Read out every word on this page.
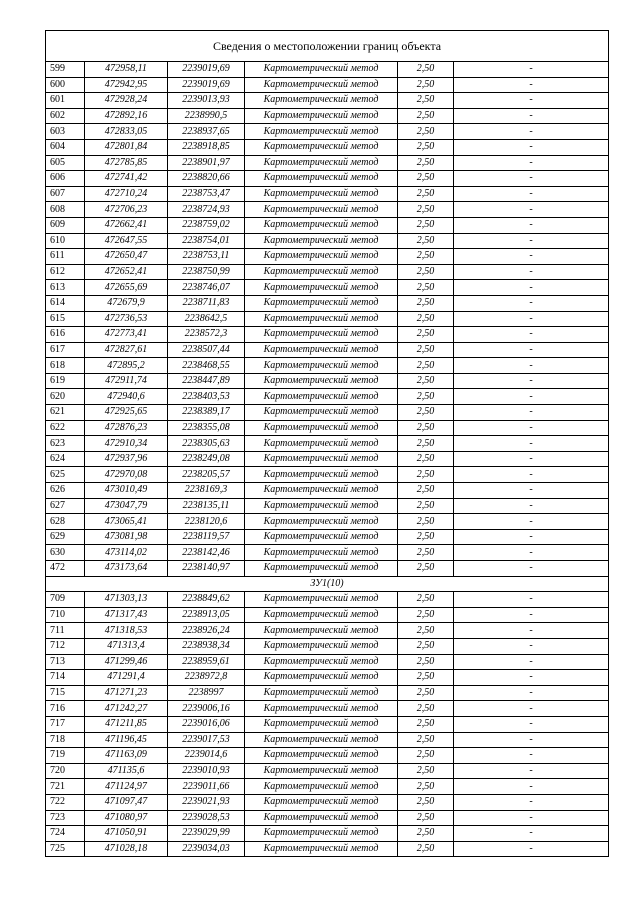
Сведения о местоположении границ объекта					
599	472958,11	2239019,69	Картометрический метод	2,50	-
600	472942,95	2239019,69	Картометрический метод	2,50	-
601	472928,24	2239013,93	Картометрический метод	2,50	-
602	472892,16	2238990,5	Картометрический метод	2,50	-
603	472833,05	2238937,65	Картометрический метод	2,50	-
604	472801,84	2238918,85	Картометрический метод	2,50	-
605	472785,85	2238901,97	Картометрический метод	2,50	-
606	472741,42	2238820,66	Картометрический метод	2,50	-
607	472710,24	2238753,47	Картометрический метод	2,50	-
608	472706,23	2238724,93	Картометрический метод	2,50	-
609	472662,41	2238759,02	Картометрический метод	2,50	-
610	472647,55	2238754,01	Картометрический метод	2,50	-
611	472650,47	2238753,11	Картометрический метод	2,50	-
612	472652,41	2238750,99	Картометрический метод	2,50	-
613	472655,69	2238746,07	Картометрический метод	2,50	-
614	472679,9	2238711,83	Картометрический метод	2,50	-
615	472736,53	2238642,5	Картометрический метод	2,50	-
616	472773,41	2238572,3	Картометрический метод	2,50	-
617	472827,61	2238507,44	Картометрический метод	2,50	-
618	472895,2	2238468,55	Картометрический метод	2,50	-
619	472911,74	2238447,89	Картометрический метод	2,50	-
620	472940,6	2238403,53	Картометрический метод	2,50	-
621	472925,65	2238389,17	Картометрический метод	2,50	-
622	472876,23	2238355,08	Картометрический метод	2,50	-
623	472910,34	2238305,63	Картометрический метод	2,50	-
624	472937,96	2238249,08	Картометрический метод	2,50	-
625	472970,08	2238205,57	Картометрический метод	2,50	-
626	473010,49	2238169,3	Картометрический метод	2,50	-
627	473047,79	2238135,11	Картометрический метод	2,50	-
628	473065,41	2238120,6	Картометрический метод	2,50	-
629	473081,98	2238119,57	Картометрический метод	2,50	-
630	473114,02	2238142,46	Картометрический метод	2,50	-
472	473173,64	2238140,97	Картометрический метод	2,50	-
ЗУ1(10)					
709	471303,13	2238849,62	Картометрический метод	2,50	-
710	471317,43	2238913,05	Картометрический метод	2,50	-
711	471318,53	2238926,24	Картометрический метод	2,50	-
712	471313,4	2238938,34	Картометрический метод	2,50	-
713	471299,46	2238959,61	Картометрический метод	2,50	-
714	471291,4	2238972,8	Картометрический метод	2,50	-
715	471271,23	2238997	Картометрический метод	2,50	-
716	471242,27	2239006,16	Картометрический метод	2,50	-
717	471211,85	2239016,06	Картометрический метод	2,50	-
718	471196,45	2239017,53	Картометрический метод	2,50	-
719	471163,09	2239014,6	Картометрический метод	2,50	-
720	471135,6	2239010,93	Картометрический метод	2,50	-
721	471124,97	2239011,66	Картометрический метод	2,50	-
722	471097,47	2239021,93	Картометрический метод	2,50	-
723	471080,97	2239028,53	Картометрический метод	2,50	-
724	471050,91	2239029,99	Картометрический метод	2,50	-
725	471028,18	2239034,03	Картометрический метод	2,50	-
